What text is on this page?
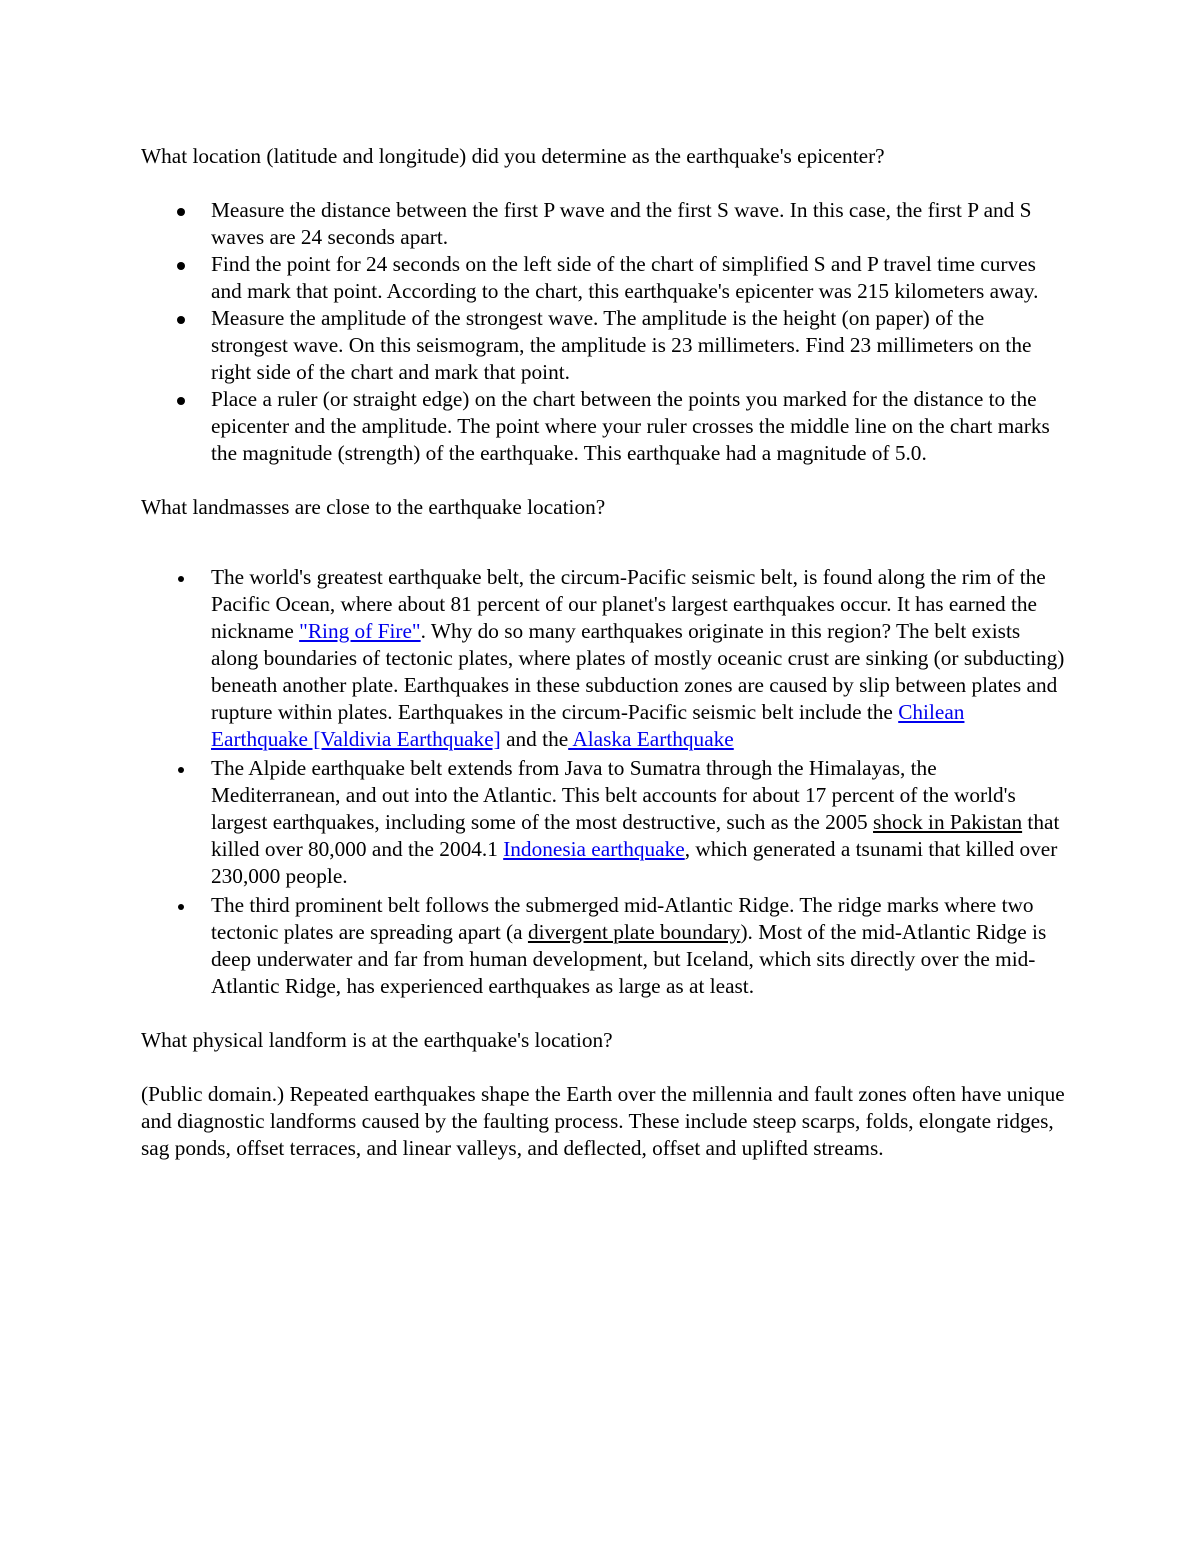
What location (latitude and longitude) did you determine as the earthquake's epicenter?

Measure the distance between the first P wave and the first S wave. In this case, the first P and S waves are 24 seconds apart.
Find the point for 24 seconds on the left side of the chart of simplified S and P travel time curves and mark that point. According to the chart, this earthquake's epicenter was 215 kilometers away.
Measure the amplitude of the strongest wave. The amplitude is the height (on paper) of the strongest wave. On this seismogram, the amplitude is 23 millimeters. Find 23 millimeters on the right side of the chart and mark that point.
Place a ruler (or straight edge) on the chart between the points you marked for the distance to the epicenter and the amplitude. The point where your ruler crosses the middle line on the chart marks the magnitude (strength) of the earthquake. This earthquake had a magnitude of 5.0.

What landmasses are close to the earthquake location?

The world's greatest earthquake belt, the circum-Pacific seismic belt, is found along the rim of the Pacific Ocean, where about 81 percent of our planet's largest earthquakes occur. It has earned the nickname "Ring of Fire". Why do so many earthquakes originate in this region? The belt exists along boundaries of tectonic plates, where plates of mostly oceanic crust are sinking (or subducting) beneath another plate. Earthquakes in these subduction zones are caused by slip between plates and rupture within plates. Earthquakes in the circum-Pacific seismic belt include the Chilean Earthquake [Valdivia Earthquake] and the Alaska Earthquake
The Alpide earthquake belt extends from Java to Sumatra through the Himalayas, the Mediterranean, and out into the Atlantic. This belt accounts for about 17 percent of the world's largest earthquakes, including some of the most destructive, such as the 2005 shock in Pakistan that killed over 80,000 and the 2004.1 Indonesia earthquake, which generated a tsunami that killed over 230,000 people.
The third prominent belt follows the submerged mid-Atlantic Ridge. The ridge marks where two tectonic plates are spreading apart (a divergent plate boundary). Most of the mid-Atlantic Ridge is deep underwater and far from human development, but Iceland, which sits directly over the mid-Atlantic Ridge, has experienced earthquakes as large as at least.

What physical landform is at the earthquake's location?

(Public domain.) Repeated earthquakes shape the Earth over the millennia and fault zones often have unique and diagnostic landforms caused by the faulting process. These include steep scarps, folds, elongate ridges, sag ponds, offset terraces, and linear valleys, and deflected, offset and uplifted streams.
